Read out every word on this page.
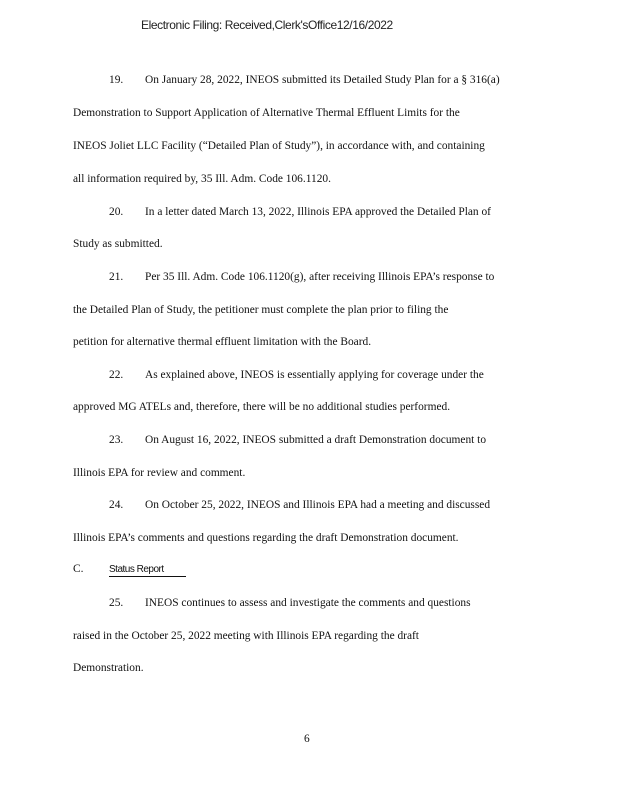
Electronic Filing: Received,Clerk'sOffice12/16/2022
19. On January 28, 2022, INEOS submitted its Detailed Study Plan for a § 316(a)
Demonstration to Support Application of Alternative Thermal Effluent Limits for the
INEOS Joliet LLC Facility (“Detailed Plan of Study”), in accordance with, and containing
all information required by, 35 Ill. Adm. Code 106.1120.
20. In a letter dated March 13, 2022, Illinois EPA approved the Detailed Plan of
Study as submitted.
21. Per 35 Ill. Adm. Code 106.1120(g), after receiving Illinois EPA’s response to
the Detailed Plan of Study, the petitioner must complete the plan prior to filing the
petition for alternative thermal effluent limitation with the Board.
22. As explained above, INEOS is essentially applying for coverage under the
approved MG ATELs and, therefore, there will be no additional studies performed.
23. On August 16, 2022, INEOS submitted a draft Demonstration document to
Illinois EPA for review and comment.
24. On October 25, 2022, INEOS and Illinois EPA had a meeting and discussed
Illinois EPA’s comments and questions regarding the draft Demonstration document.
C.	Status Report
25. INEOS continues to assess and investigate the comments and questions
raised in the October 25, 2022 meeting with Illinois EPA regarding the draft
Demonstration.
6
